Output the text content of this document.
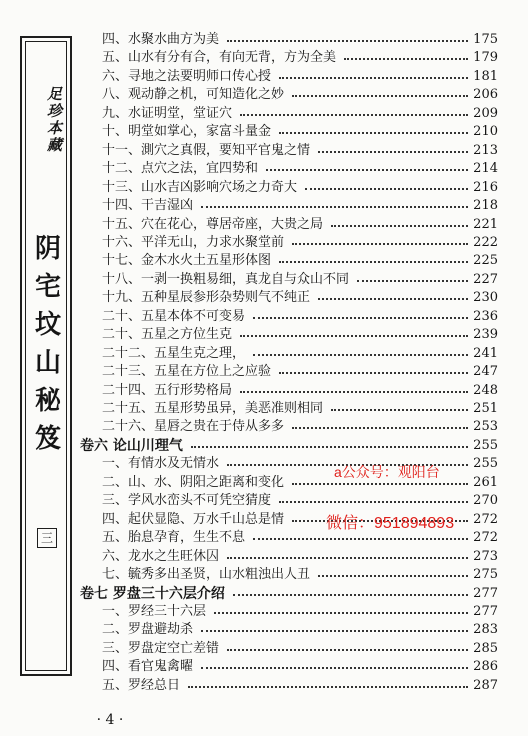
足珍本藏
阴宅坟山秘笈
三
四、水聚水曲方为美	175
五、山水有分有合，有向无背，方为全美	179
六、寻地之法要明师口传心授	181
八、观动静之机，可知造化之妙	206
九、水证明堂，堂证穴	209
十、明堂如掌心，家富斗量金	210
十一、測穴之真假，要知平官鬼之情	213
十二、点穴之法，宜四势和	214
十三、山水吉凶影响穴场之力奇大	216
十四、干吉湿凶	218
十五、穴在花心，尊居帝座，大贵之局	221
十六、平洋无山，力求水聚堂前	222
十七、金木水火土五星形体图	225
十八、一剥一换粗易细，真龙自与众山不同	227
十九、五种星辰参形杂势则气不纯正	230
二十、五星本体不可变易	236
二十、五星之方位生克	239
二十二、五星生克之理，	241
二十三、五星在方位上之应验	247
二十四、五行形势格局	248
二十五、五星形势虽异，美恶准则相同	251
二十六、星唇之贵在于侍从多多	253
卷六 论山川理气	255
一、有情水及无情水	255
二、山、水、阴阳之距离和变化	261
三、学风水峦头不可凭空猜度	270
四、起伏显隐、万水千山总是情	272
五、胎息孕育，生生不息	272
六、龙水之生旺休囚	273
七、毓秀多出圣贤，山水粗浊出人丑	275
卷七 罗盘三十六层介绍	277
一、罗经三十六层	277
二、罗盘避劫杀	283
三、罗盘定空亡差错	285
四、看官鬼禽曜	286
五、罗经总日	287
a公众号：观阳台
微信：951894893
· 4 ·
